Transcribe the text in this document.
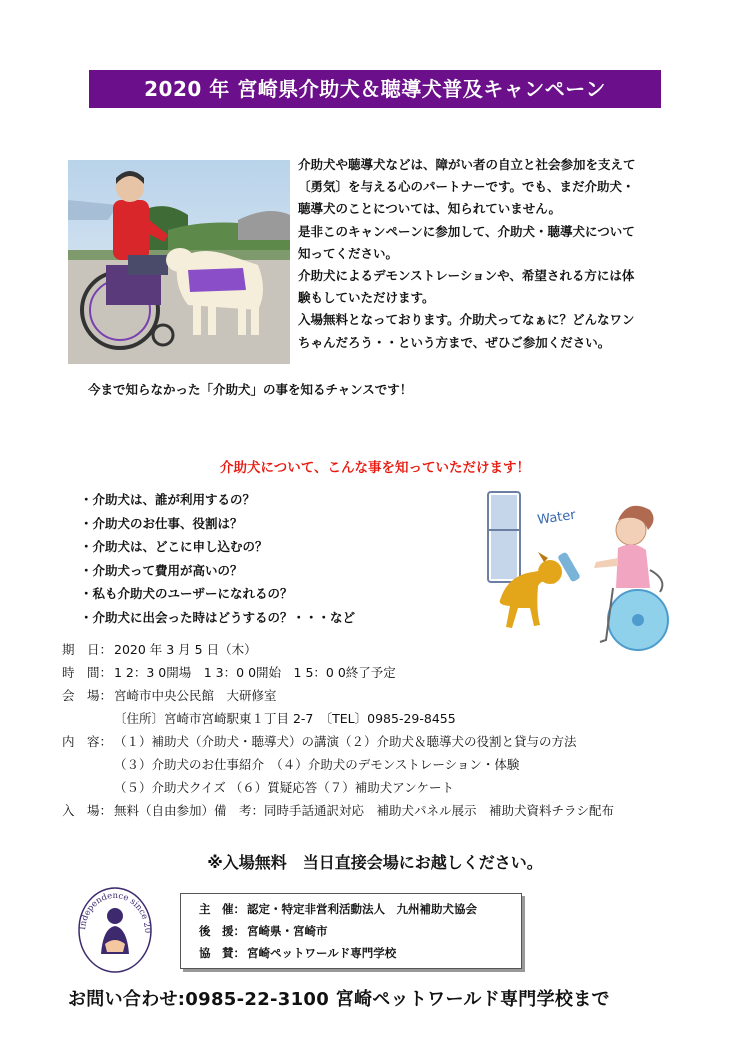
2020 年 宮崎県介助犬＆聴導犬普及キャンペーン

介助犬や聴導犬などは、障がい者の自立と社会参加を支えて

〔勇気〕を与える心のパートナーです。でも、まだ介助犬・

聴導犬のことについては、知られていません。

是非このキャンペーンに参加して、介助犬・聴導犬について

知ってください。

介助犬によるデモンストレーションや、希望される方には体

験もしていただけます。

入場無料となっております。介助犬ってなぁに？どんなワン

ちゃんだろう・・という方まで、ぜひご参加ください。

今まで知らなかった「介助犬」の事を知るチャンスです！
介助犬について、こんな事を知っていただけます！
・介助犬は、誰が利用するの？
・介助犬のお仕事、役割は？
・介助犬は、どこに申し込むの？
・介助犬って費用が高いの？
・私も介助犬のユーザーになれるの？
・介助犬に出会った時はどうするの？・・・など
Water
期　日： 2020 年 3 月 5 日（木）
時　間： 1 2：3 0開場　1 3：0 0開始　1 5：0 0終了予定
会　場： 宮崎市中央公民館　大研修室
〔住所〕宮崎市宮崎駅東１丁目 2-7　〔TEL〕0985-29-8455
内　容： （１）補助犬（介助犬・聴導犬）の講演（２）介助犬＆聴導犬の役割と貸与の方法
（３）介助犬のお仕事紹介　（４）介助犬のデモンストレーション・体験
（５）介助犬クイズ （６）質疑応答（７）補助犬アンケート
入　場： 無料（自由参加）備　考：同時手話通訳対応　補助犬パネル展示　補助犬資料チラシ配布
※入場無料　当日直接会場にお越しください。
Independence since 20
主　催： 認定・特定非営利活動法人　九州補助犬協会
後　援： 宮崎県・宮崎市
協　賛： 宮崎ペットワールド専門学校
お問い合わせ:0985-22-3100 宮崎ペットワールド専門学校まで
